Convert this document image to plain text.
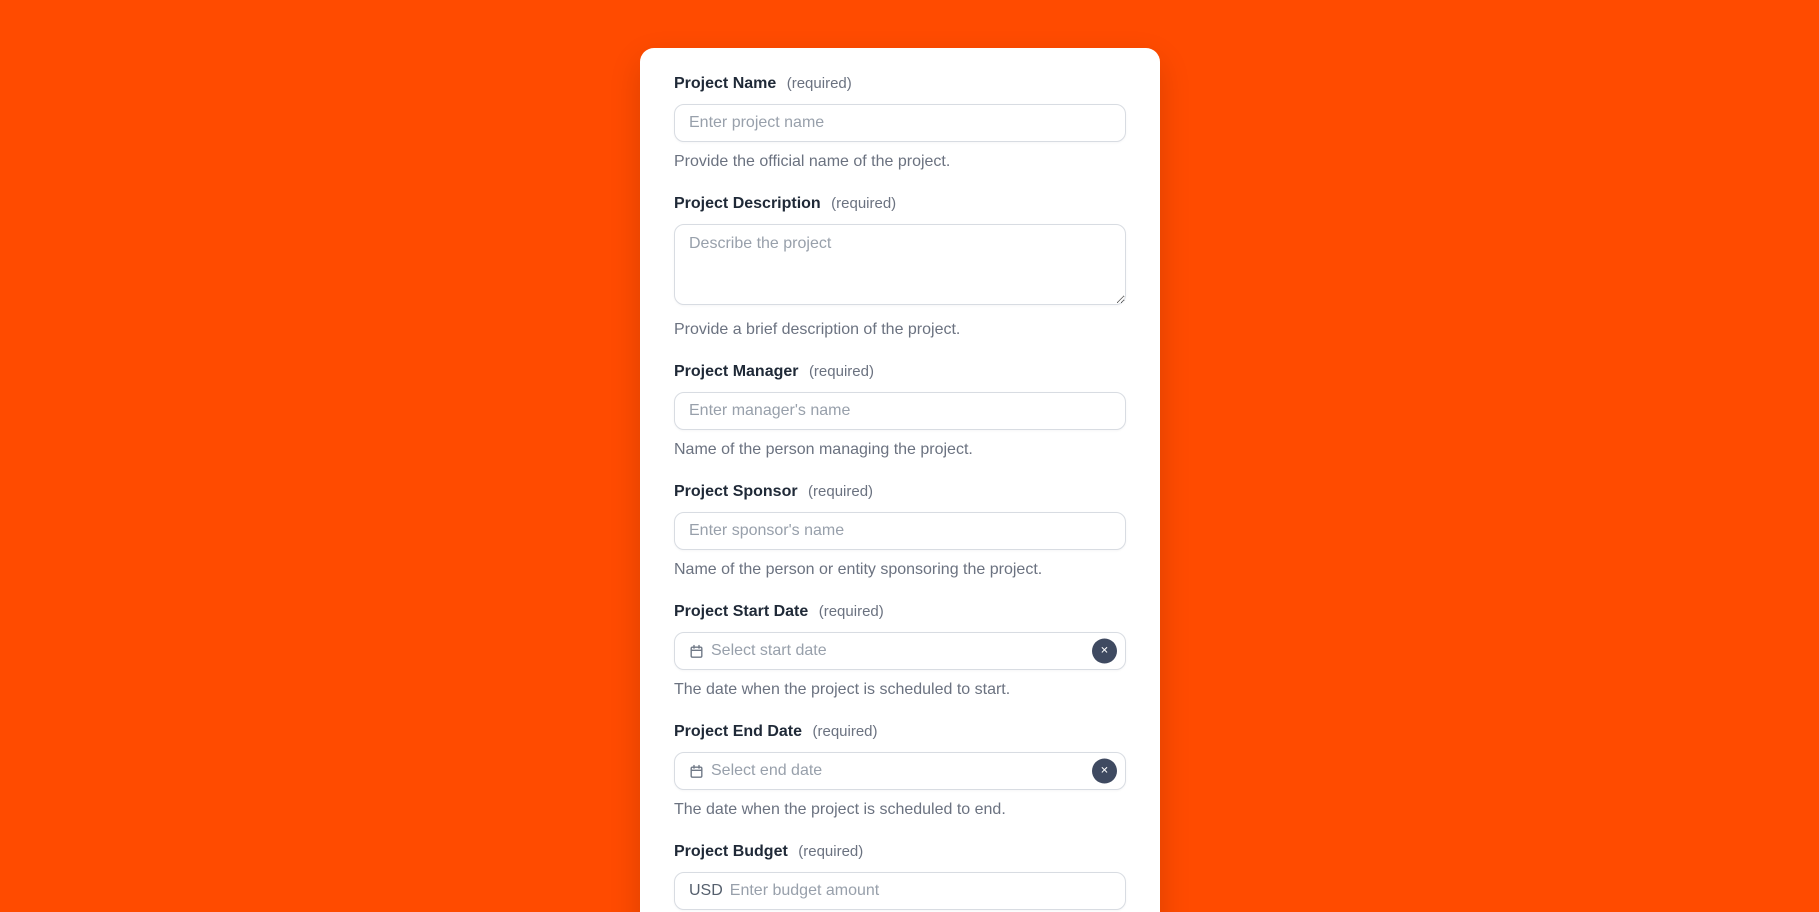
Project Name (required)
Enter project name
Provide the official name of the project.
Project Description (required)
Describe the project
Provide a brief description of the project.
Project Manager (required)
Enter manager's name
Name of the person managing the project.
Project Sponsor (required)
Enter sponsor's name
Name of the person or entity sponsoring the project.
Project Start Date (required)
Select start date	✕
The date when the project is scheduled to start.
Project End Date (required)
Select end date	✕
The date when the project is scheduled to end.
Project Budget (required)
USD
Enter budget amount
